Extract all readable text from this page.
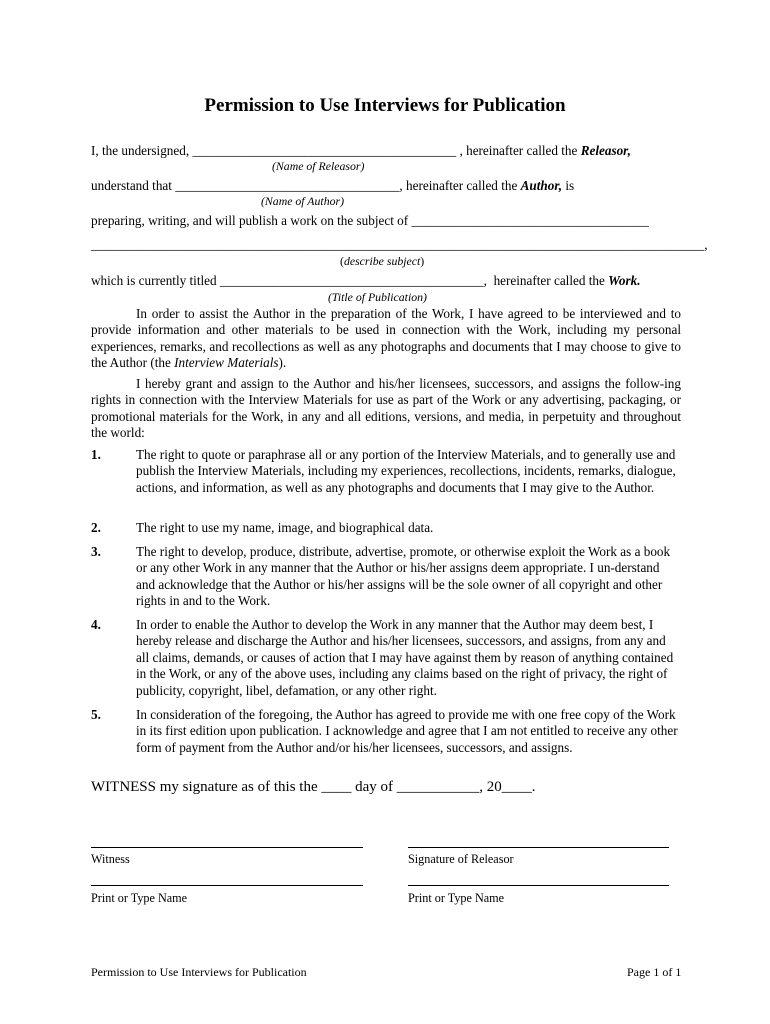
Permission to Use Interviews for Publication
I, the undersigned, ________________________________________ , hereinafter called the Releasor,
(Name of Releasor)
understand that __________________________________, hereinafter called the Author, is
(Name of Author)
preparing, writing, and will publish a work on the subject of ____________________________________
_____________________________________________________________________________________________,
(describe subject)
which is currently titled ________________________________________, hereinafter called the Work.
(Title of Publication)
In order to assist the Author in the preparation of the Work, I have agreed to be interviewed and to provide information and other materials to be used in connection with the Work, including my personal experiences, remarks, and recollections as well as any photographs and documents that I may choose to give to the Author (the Interview Materials).
I hereby grant and assign to the Author and his/her licensees, successors, and assigns the follow-ing rights in connection with the Interview Materials for use as part of the Work or any advertising, packaging, or promotional materials for the Work, in any and all editions, versions, and media, in perpetuity and throughout the world:
1.	The right to quote or paraphrase all or any portion of the Interview Materials, and to generally use and publish the Interview Materials, including my experiences, recollections, incidents, remarks, dialogue, actions, and information, as well as any photographs and documents that I may give to the Author.
2.	The right to use my name, image, and biographical data.
3.	The right to develop, produce, distribute, advertise, promote, or otherwise exploit the Work as a book or any other Work in any manner that the Author or his/her assigns deem appropriate. I un-derstand and acknowledge that the Author or his/her assigns will be the sole owner of all copyright and other rights in and to the Work.
4.	In order to enable the Author to develop the Work in any manner that the Author may deem best, I hereby release and discharge the Author and his/her licensees, successors, and assigns, from any and all claims, demands, or causes of action that I may have against them by reason of anything contained in the Work, or any of the above uses, including any claims based on the right of privacy, the right of publicity, copyright, libel, defamation, or any other right.
5.	In consideration of the foregoing, the Author has agreed to provide me with one free copy of the Work in its first edition upon publication. I acknowledge and agree that I am not entitled to receive any other form of payment from the Author and/or his/her licensees, successors, and assigns.
WITNESS my signature as of this the ____ day of ___________, 20____.
Witness	Signature of Releasor
Print or Type Name	Print or Type Name
Permission to Use Interviews for Publication	Page 1 of 1
